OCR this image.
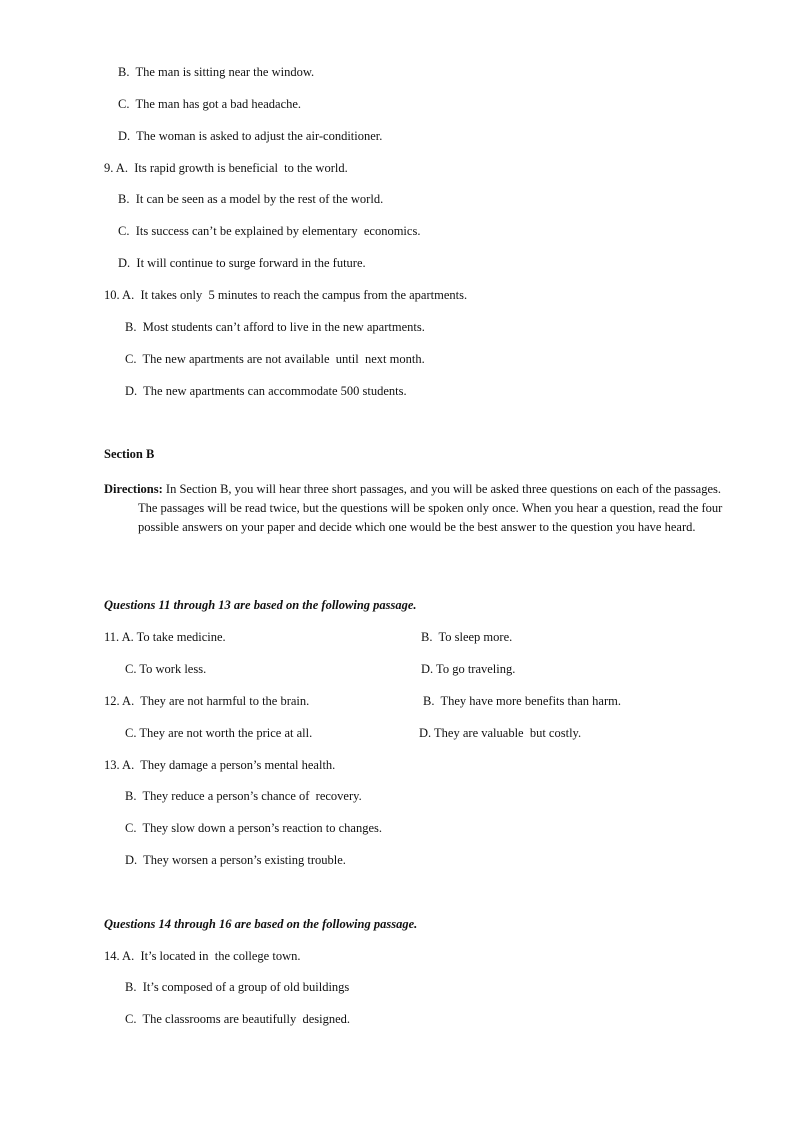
B.  The man is sitting near the window.
C.  The man has got a bad headache.
D.  The woman is asked to adjust the air-conditioner.
9. A.  Its rapid growth is beneficial  to the world.
B.  It can be seen as a model by the rest of the world.
C.  Its success can’t be explained by elementary  economics.
D.  It will continue to surge forward in the future.
10. A.  It takes only  5 minutes to reach the campus from the apartments.
B.  Most students can’t afford to live in the new apartments.
C.  The new apartments are not available  until  next month.
D.  The new apartments can accommodate 500 students.
Section B
Directions: In Section B, you will hear three short passages, and you will be asked three questions on each of the passages. The passages will be read twice, but the questions will be spoken only once. When you hear a question, read the four possible answers on your paper and decide which one would be the best answer to the question you have heard.
Questions 11 through 13 are based on the following passage.
11. A. To take medicine.	B.  To sleep more.
C. To work less.	D. To go traveling.
12. A.  They are not harmful to the brain.	B.  They have more benefits than harm.
C. They are not worth the price at all.	D. They are valuable  but costly.
13. A.  They damage a person’s mental health.
B.  They reduce a person’s chance of  recovery.
C.  They slow down a person’s reaction to changes.
D.  They worsen a person’s existing trouble.
Questions 14 through 16 are based on the following passage.
14. A.  It’s located in  the college town.
B.  It’s composed of a group of old buildings
C.  The classrooms are beautifully  designed.
